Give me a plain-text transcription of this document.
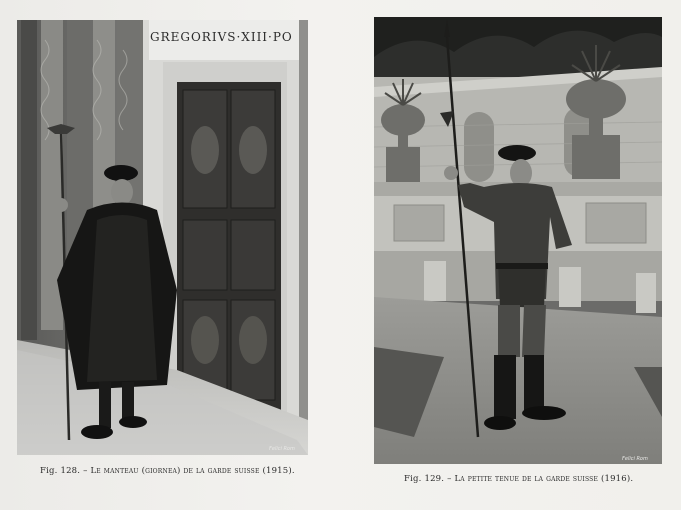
GREGORIVS·XIII·PO
Felici Rom
Felici Rom
Fig. 128. – Le manteau (giornea) de la garde suisse (1915).
Fig. 129. – La petite tenue de la garde suisse (1916).
